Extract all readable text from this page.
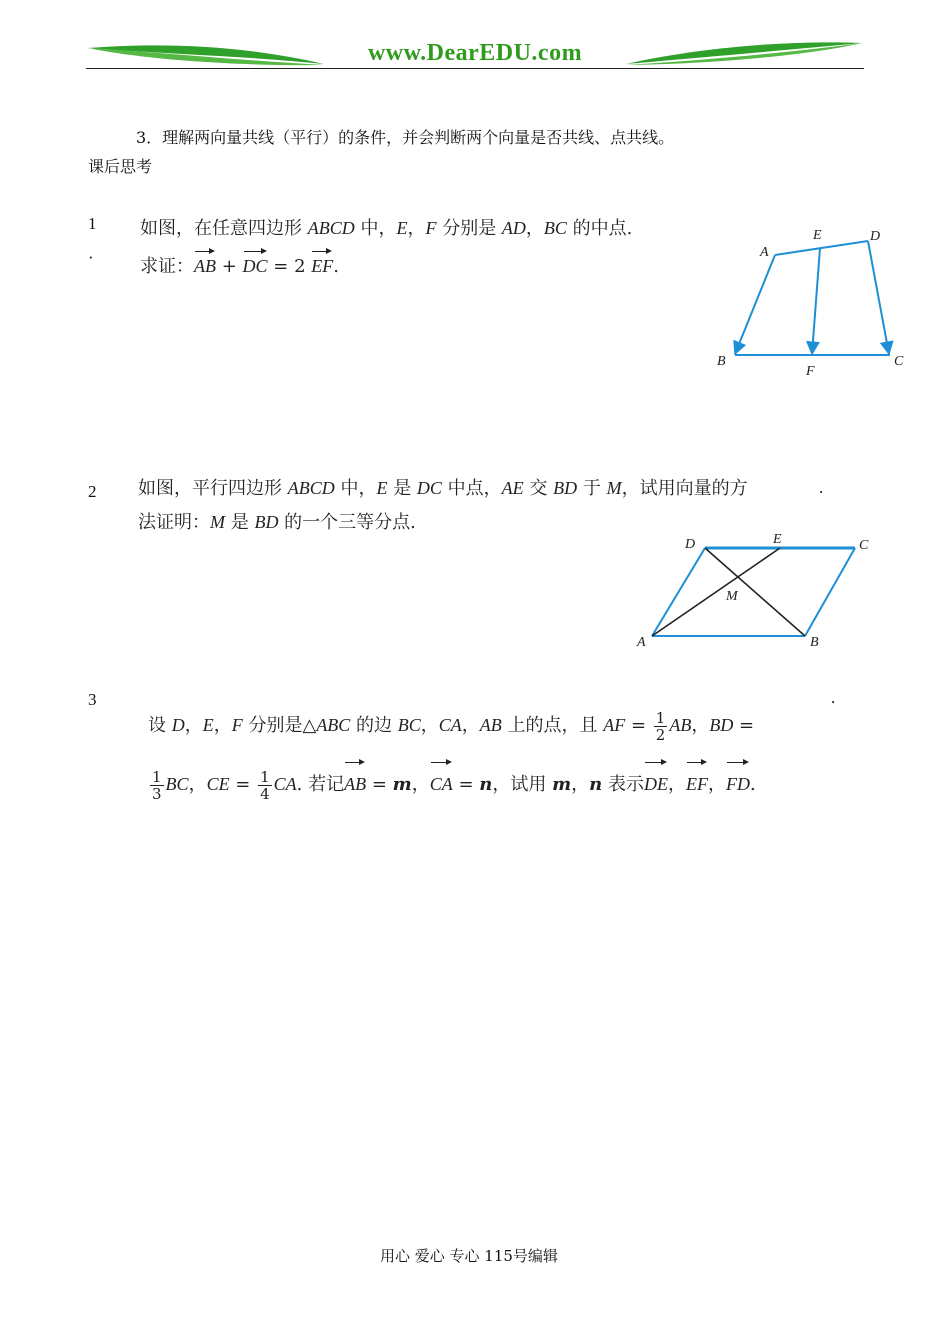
www.DearEDU.com
3．理解两向量共线（平行）的条件，并会判断两个向量是否共线、点共线。
课后思考
1
·
如图，在任意四边形 ABCD 中，E，F 分别是 AD，BC 的中点.
求证：AB + DC = 2 EF.
A
E	D
B
F
C
2	.
如图，平行四边形 ABCD 中，E 是 DC 中点，AE 交 BD 于 M，试用向量的方
法证明：M 是 BD 的一个三等分点.
D	E	C
M
A	B
3	.
设 D，E，F 分别是△ABC 的边 BC，CA，AB 上的点，且 AF = $\frac{1}{2}$ AB，BD =
$\frac{1}{3}$ BC，CE = $\frac{1}{4}$ CA. 若记AB = m，CA = n，试用 m，n 表示DE，EF，FD.
用心 爱心 专心 115号编辑
